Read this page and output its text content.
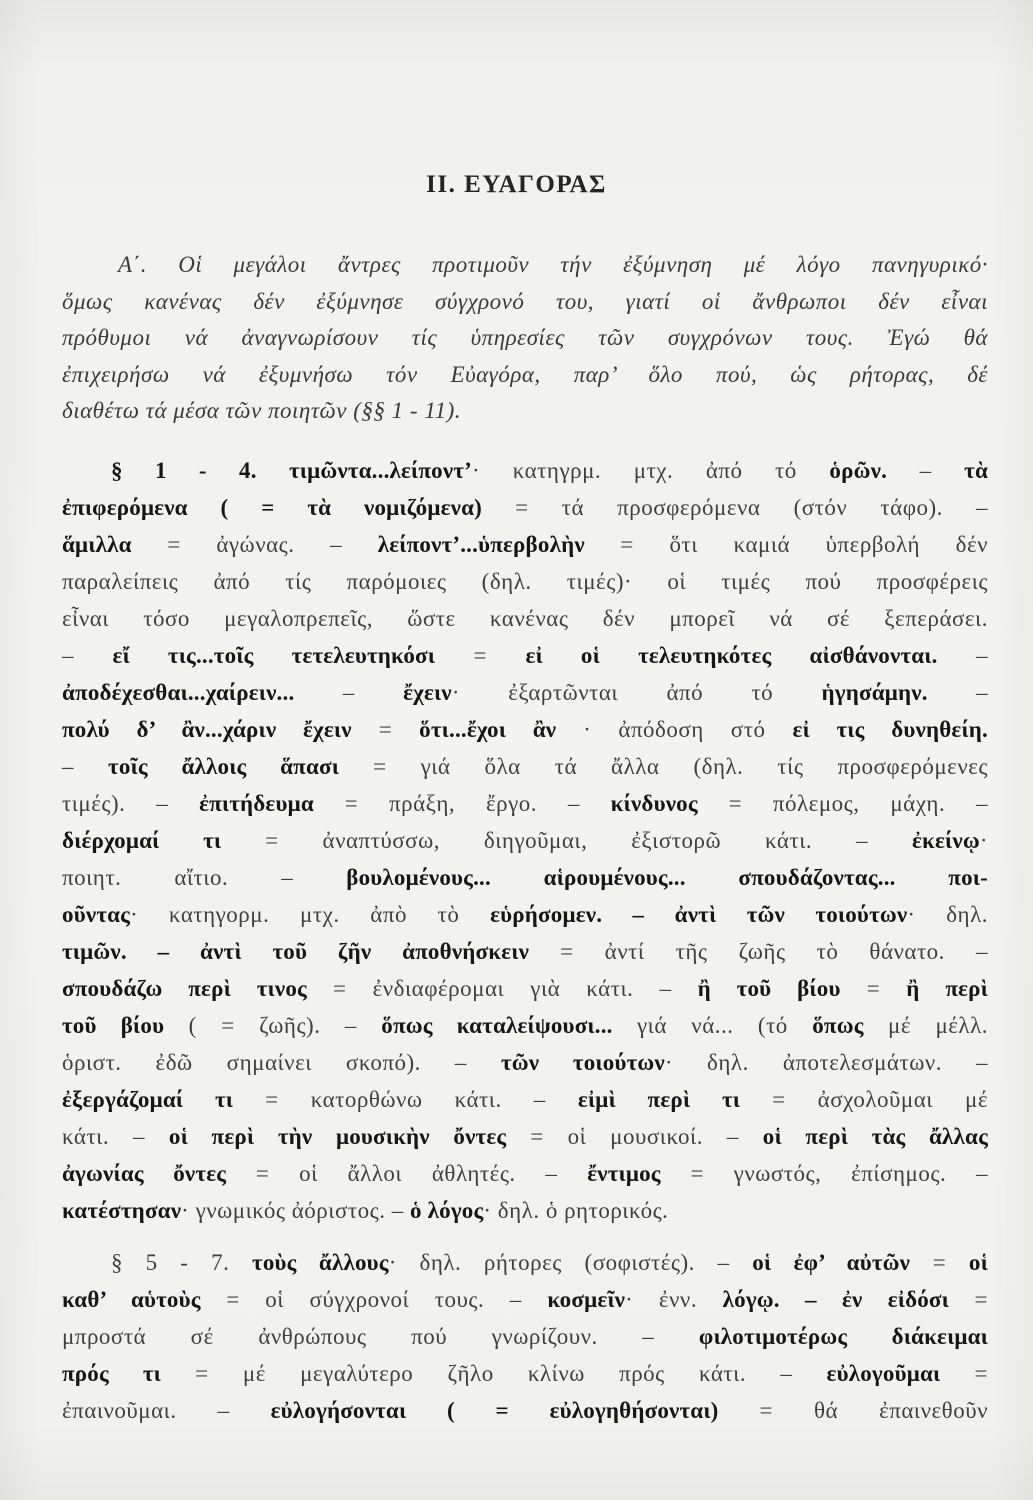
II. ΕΥΑΓΟΡΑΣ
Α΄. Οἱ μεγάλοι ἄντρες προτιμοῦν τήν ἐξύμνηση μέ λόγο πανηγυρικό·
ὅμως κανένας δέν ἐξύμνησε σύγχρονό του, γιατί οἱ ἄνθρωποι δέν εἶναι
πρόθυμοι νά ἀναγνωρίσουν τίς ὑπηρεσίες τῶν συγχρόνων τους. Ἐγώ θά
ἐπιχειρήσω νά ἐξυμνήσω τόν Εὐαγόρα, παρ’ ὅλο πού, ὡς ρήτορας, δέ
διαθέτω τά μέσα τῶν ποιητῶν (§§ 1 - 11).
§ 1 - 4. τιμῶντα...λείποντ’· κατηγρμ. μτχ. ἀπό τό ὁρῶν. – τὰ
ἐπιφερόμενα ( = τὰ νομιζόμενα) = τά προσφερόμενα (στόν τάφο). –
ἅμιλλα = ἀγώνας. – λείποντ’...ὑπερβολὴν = ὅτι καμιά ὑπερβολή δέν
παραλείπεις ἀπό τίς παρόμοιες (δηλ. τιμές)· οἱ τιμές πού προσφέρεις
εἶναι τόσο μεγαλοπρεπεῖς, ὥστε κανένας δέν μπορεῖ νά σέ ξεπεράσει.
– εἴ τις...τοῖς τετελευτηκόσι = εἰ οἱ τελευτηκότες αἰσθάνονται. –
ἀποδέχεσθαι...χαίρειν... – ἔχειν· ἐξαρτῶνται ἀπό τό ἡγησάμην. –
πολύ δ’ ἂν...χάριν ἔχειν = ὅτι...ἔχοι ἂν · ἀπόδοση στό εἰ τις δυνηθείη.
– τοῖς ἄλλοις ἅπασι = γιά ὅλα τά ἄλλα (δηλ. τίς προσφερόμενες
τιμές). – ἐπιτήδευμα = πράξη, ἔργο. – κίνδυνος = πόλεμος, μάχη. –
διέρχομαί τι = ἀναπτύσσω, διηγοῦμαι, ἐξιστορῶ κάτι. – ἐκείνῳ·
ποιητ. αἴτιο. – βουλομένους... αἱρουμένους... σπουδάζοντας... ποι-
οῦντας· κατηγορμ. μτχ. ἀπὸ τὸ εὑρήσομεν. – ἀντὶ τῶν τοιούτων· δηλ.
τιμῶν. – ἀντὶ τοῦ ζῆν ἀποθνήσκειν = ἀντί τῆς ζωῆς τὸ θάνατο. –
σπουδάζω περὶ τινος = ἐνδιαφέρομαι γιὰ κάτι. – ἢ τοῦ βίου = ἢ περὶ
τοῦ βίου ( = ζωῆς). – ὅπως καταλείψουσι... γιά νά... (τό ὅπως μέ μέλλ.
ὁριστ. ἐδῶ σημαίνει σκοπό). – τῶν τοιούτων· δηλ. ἀποτελεσμάτων. –
ἐξεργάζομαί τι = κατορθώνω κάτι. – εἰμὶ περὶ τι = ἀσχολοῦμαι μέ
κάτι. – οἱ περὶ τὴν μουσικὴν ὄντες = οἱ μουσικοί. – οἱ περὶ τὰς ἄλλας
ἀγωνίας ὄντες = οἱ ἄλλοι ἀθλητές. – ἔντιμος = γνωστός, ἐπίσημος. –
κατέστησαν· γνωμικός ἀόριστος. – ὁ λόγος· δηλ. ὁ ρητορικός.
§ 5 - 7. τοὺς ἄλλους· δηλ. ρήτορες (σοφιστές). – οἱ ἐφ’ αὐτῶν = οἱ
καθ’ αὑτοὺς = οἱ σύγχρονοί τους. – κοσμεῖν· ἐνν. λόγῳ. – ἐν εἰδόσι =
μπροστά σέ ἀνθρώπους πού γνωρίζουν. – φιλοτιμοτέρως διάκειμαι
πρός τι = μέ μεγαλύτερο ζῆλο κλίνω πρός κάτι. – εὐλογοῦμαι =
ἐπαινοῦμαι. – εὐλογήσονται ( = εὐλογηθήσονται) = θά ἐπαινεθοῦν
